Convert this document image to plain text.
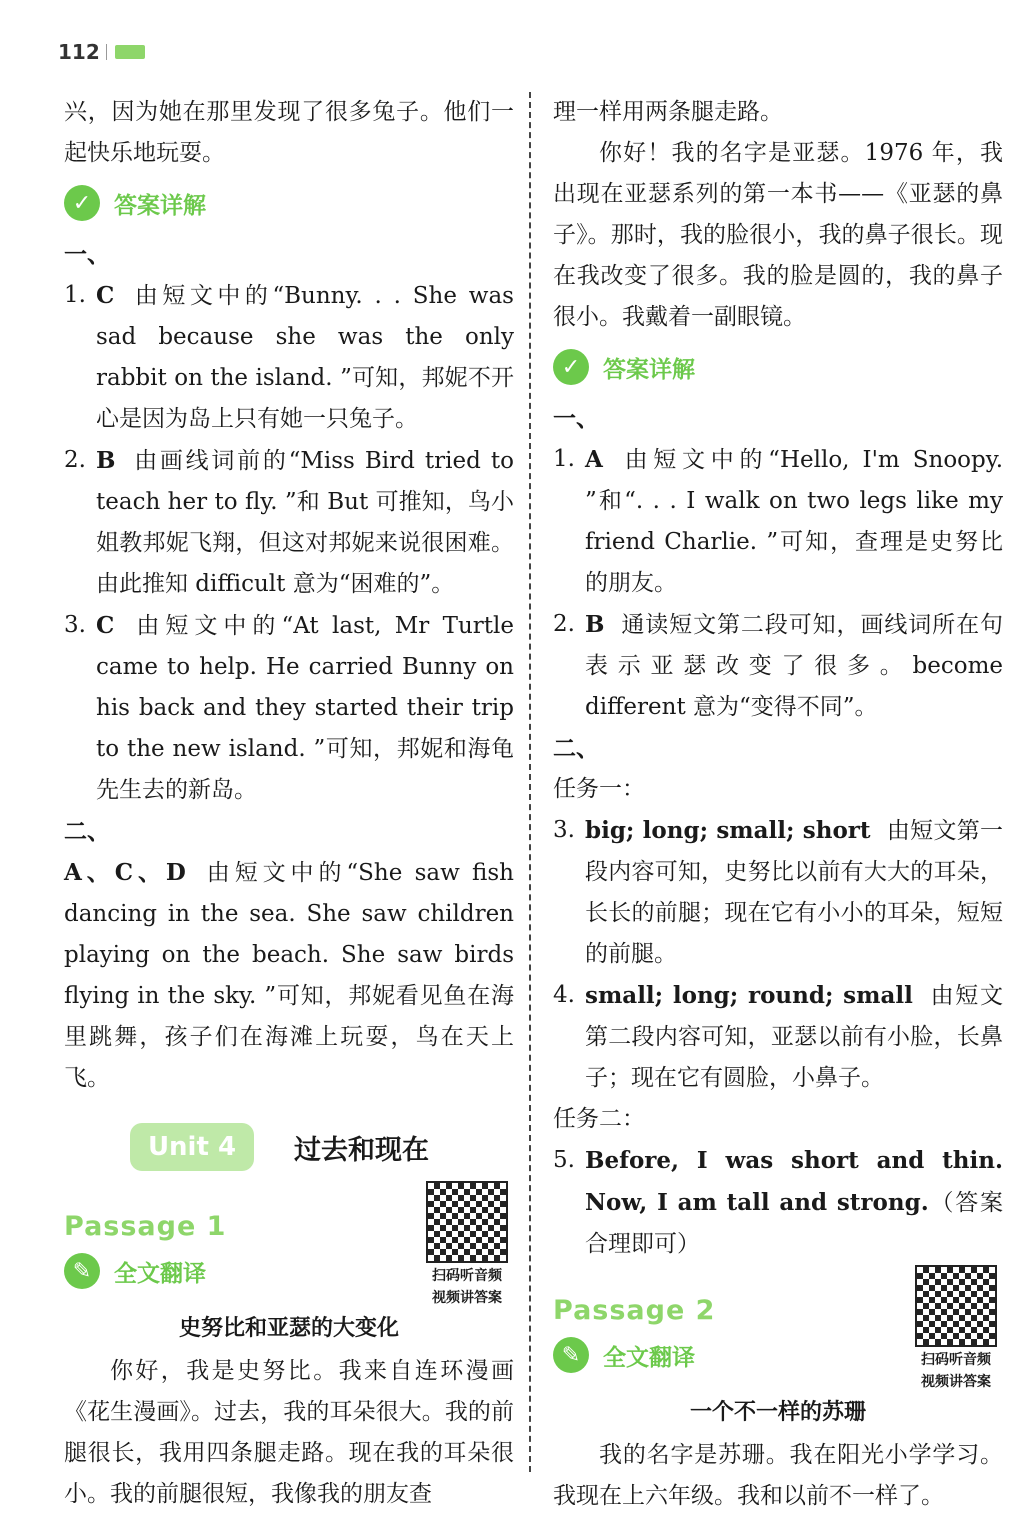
112

兴，因为她在那里发现了很多兔子。他们一起快乐地玩耍。

✓ 答案详解

一、

1. C 由短文中的“Bunny. . . She was sad because she was the only rabbit on the island. ”可知，邦妮不开心是因为岛上只有她一只兔子。
2. B 由画线词前的“Miss Bird tried to teach her to fly. ”和 But 可推知，鸟小姐教邦妮飞翔，但这对邦妮来说很困难。由此推知 difficult 意为“困难的”。
3. C 由短文中的“At last, Mr Turtle came to help. He carried Bunny on his back and they started their trip to the new island. ”可知，邦妮和海龟先生去的新岛。

二、

A、C、D 由短文中的“She saw fish dancing in the sea. She saw children playing on the beach. She saw birds flying in the sky. ”可知，邦妮看见鱼在海里跳舞，孩子们在海滩上玩耍，鸟在天上飞。

Unit 4	过去和现在
Passage 1
✎ 全文翻译	扫码听音频
视频讲答案
史努比和亚瑟的大变化

你好，我是史努比。我来自连环漫画《花生漫画》。过去，我的耳朵很大。我的前腿很长，我用四条腿走路。现在我的耳朵很小。我的前腿很短，我像我的朋友查

理一样用两条腿走路。

你好！我的名字是亚瑟。1976 年，我出现在亚瑟系列的第一本书——《亚瑟的鼻子》。那时，我的脸很小，我的鼻子很长。现在我改变了很多。我的脸是圆的，我的鼻子很小。我戴着一副眼镜。

✓ 答案详解

一、

1. A 由短文中的“Hello, I'm Snoopy. ”和“. . . I walk on two legs like my friend Charlie. ”可知，查理是史努比的朋友。
2. B 通读短文第二段可知，画线词所在句表示亚瑟改变了很多。become different 意为“变得不同”。

二、

任务一：

3. big; long; small; short 由短文第一段内容可知，史努比以前有大大的耳朵，长长的前腿；现在它有小小的耳朵，短短的前腿。
4. small; long; round; small 由短文第二段内容可知，亚瑟以前有小脸，长鼻子；现在它有圆脸，小鼻子。

任务二：

5. Before, I was short and thin. Now, I am tall and strong.（答案合理即可）
Passage 2
✎ 全文翻译	扫码听音频
视频讲答案
一个不一样的苏珊

我的名字是苏珊。我在阳光小学学习。我现在上六年级。我和以前不一样了。
